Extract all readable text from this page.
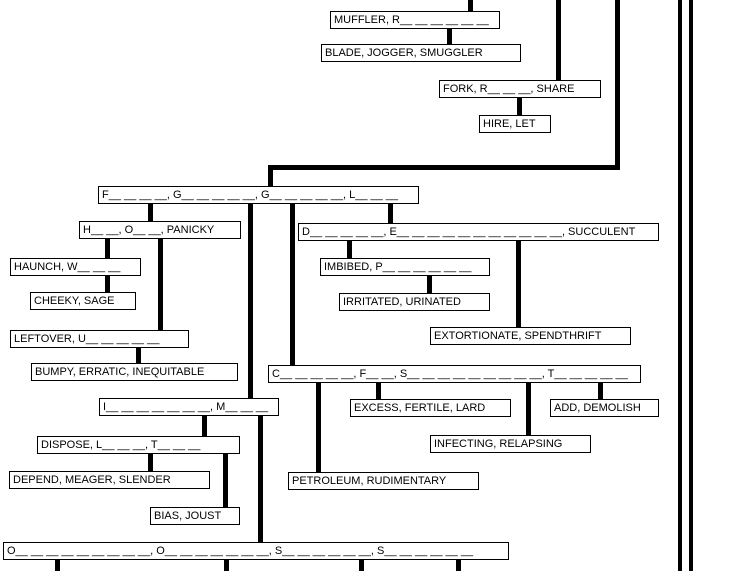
MUFFLER, R__ __ __ __ __ __
BLADE, JOGGER, SMUGGLER
FORK, R__ __ __, SHARE
HIRE, LET
F__ __ __ __, G__ __ __ __ __, G__ __ __ __ __, L__ __ __
H__ __, O__ __, PANICKY
HAUNCH, W__ __ __
CHEEKY, SAGE
LEFTOVER, U__ __ __ __ __
BUMPY, ERRATIC, INEQUITABLE
D__ __ __ __ __, E__ __ __ __ __ __ __ __ __ __ __, SUCCULENT
IMBIBED, P__ __ __ __ __ __
IRRITATED, URINATED
EXTORTIONATE, SPENDTHRIFT
C__ __ __ __ __, F__ __, S__ __ __ __ __ __ __ __ __, T__ __ __ __ __
EXCESS, FERTILE, LARD	ADD, DEMOLISH
INFECTING, RELAPSING
I__ __ __ __ __ __ __, M__ __ __
DISPOSE, L__ __ __, T__ __ __
DEPEND, MEAGER, SLENDER
BIAS, JOUST
PETROLEUM, RUDIMENTARY
O__ __ __ __ __ __ __ __ __, O__ __ __ __ __ __ __, S__ __ __ __ __ __, S__ __ __ __ __ __
